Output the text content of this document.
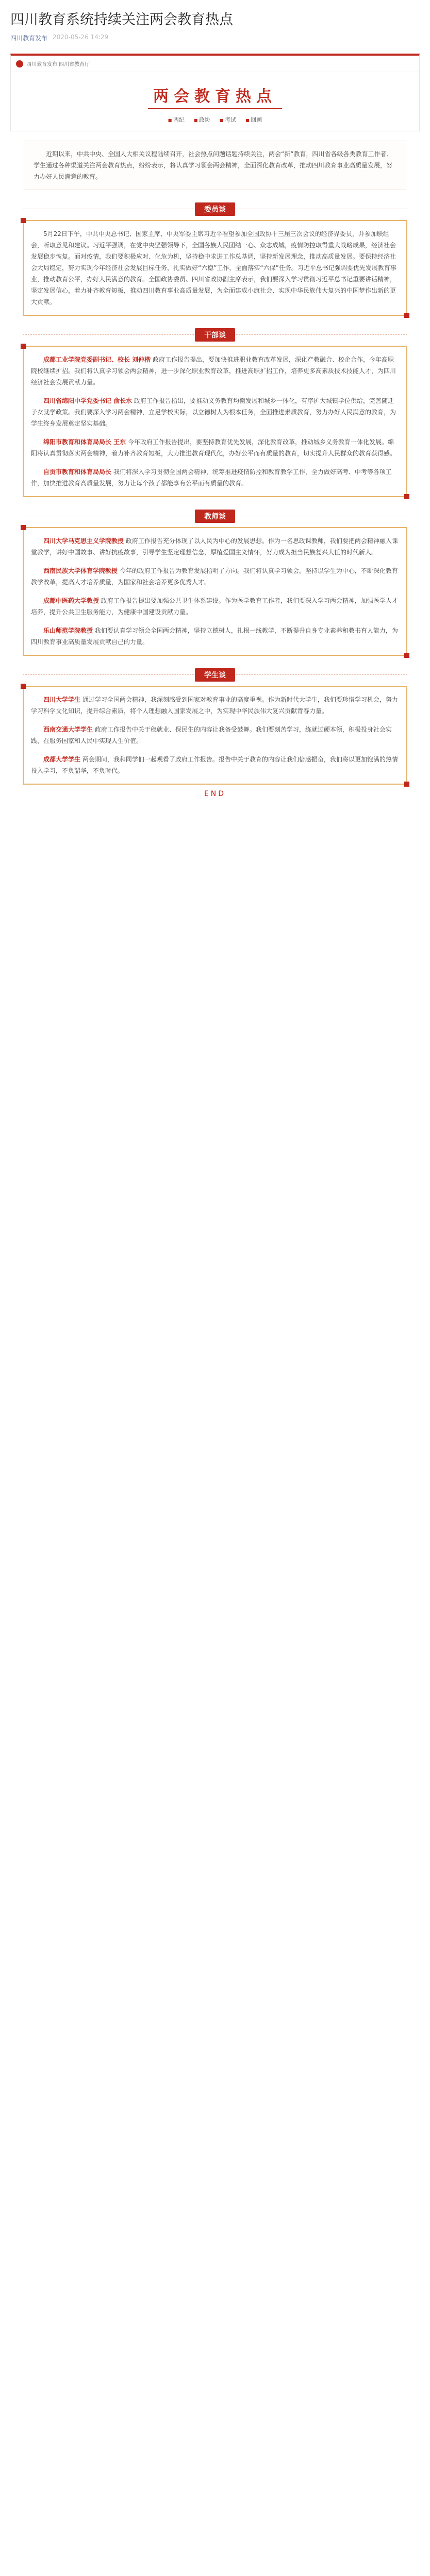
四川教育系统持续关注两会教育热点
四川教育发布 2020-05-26 14:29
四川教育发布 四川省教育厅
两会教育热点
■ 两纪	■ 政协	■ 考试	■ 回顾
近期以来，中共中央、全国人大相关议程陆续召开，社会热点问题话题持续关注，两会“新”教育，四川省各级各类教育工作者、学生通过各种渠道关注两会教育热点，纷纷表示，将认真学习领会两会精神，全面深化教育改革，推动四川教育事业高质量发展，努力办好人民满意的教育。
委员谈

5月22日下午，中共中央总书记、国家主席、中央军委主席习近平看望参加全国政协十三届三次会议的经济界委员，并参加联组会，听取意见和建议。习近平强调，在党中央坚强领导下，全国各族人民团结一心、众志成城，疫情防控取得重大战略成果，经济社会发展稳步恢复。面对疫情，我们要积极应对、化危为机，坚持稳中求进工作总基调，坚持新发展理念，推动高质量发展。要保持经济社会大局稳定，努力实现今年经济社会发展目标任务，扎实做好“六稳”工作，全面落实“六保”任务。习近平总书记强调要优先发展教育事业，推动教育公平，办好人民满意的教育。全国政协委员、四川省政协副主席表示，我们要深入学习贯彻习近平总书记重要讲话精神，坚定发展信心，着力补齐教育短板，推动四川教育事业高质量发展，为全面建成小康社会、实现中华民族伟大复兴的中国梦作出新的更大贡献。

干部谈

成都工业学院党委副书记、校长 刘仲楷 政府工作报告提出，要加快推进职业教育改革发展，深化产教融合、校企合作，今年高职院校继续扩招。我们将认真学习领会两会精神，进一步深化职业教育改革，推进高职扩招工作，培养更多高素质技术技能人才，为四川经济社会发展贡献力量。

四川省绵阳中学党委书记 俞长水 政府工作报告指出，要推动义务教育均衡发展和城乡一体化，有序扩大城镇学位供给，完善随迁子女就学政策。我们要深入学习两会精神，立足学校实际，以立德树人为根本任务，全面推进素质教育，努力办好人民满意的教育，为学生终身发展奠定坚实基础。

绵阳市教育和体育局局长 王东 今年政府工作报告提出，要坚持教育优先发展，深化教育改革，推动城乡义务教育一体化发展。绵阳将认真贯彻落实两会精神，着力补齐教育短板，大力推进教育现代化，办好公平而有质量的教育，切实提升人民群众的教育获得感。

自贡市教育和体育局局长 我们将深入学习贯彻全国两会精神，统筹推进疫情防控和教育教学工作，全力做好高考、中考等各项工作，加快推进教育高质量发展，努力让每个孩子都能享有公平而有质量的教育。

教师谈

四川大学马克思主义学院教授 政府工作报告充分体现了以人民为中心的发展思想。作为一名思政课教师，我们要把两会精神融入课堂教学，讲好中国故事、讲好抗疫故事，引导学生坚定理想信念，厚植爱国主义情怀，努力成为担当民族复兴大任的时代新人。

西南民族大学体育学院教授 今年的政府工作报告为教育发展指明了方向。我们将认真学习领会，坚持以学生为中心，不断深化教育教学改革，提高人才培养质量，为国家和社会培养更多优秀人才。

成都中医药大学教授 政府工作报告提出要加强公共卫生体系建设。作为医学教育工作者，我们要深入学习两会精神，加强医学人才培养，提升公共卫生服务能力，为健康中国建设贡献力量。

乐山师范学院教授 我们要认真学习领会全国两会精神，坚持立德树人，扎根一线教学，不断提升自身专业素养和教书育人能力，为四川教育事业高质量发展贡献自己的力量。

学生谈

四川大学学生 通过学习全国两会精神，我深刻感受到国家对教育事业的高度重视。作为新时代大学生，我们要珍惜学习机会，努力学习科学文化知识，提升综合素质，将个人理想融入国家发展之中，为实现中华民族伟大复兴贡献青春力量。

西南交通大学学生 政府工作报告中关于稳就业、保民生的内容让我备受鼓舞。我们要刻苦学习，练就过硬本领，积极投身社会实践，在服务国家和人民中实现人生价值。

成都大学学生 两会期间，我和同学们一起观看了政府工作报告。报告中关于教育的内容让我们倍感振奋，我们将以更加饱满的热情投入学习，不负韶华，不负时代。

END
